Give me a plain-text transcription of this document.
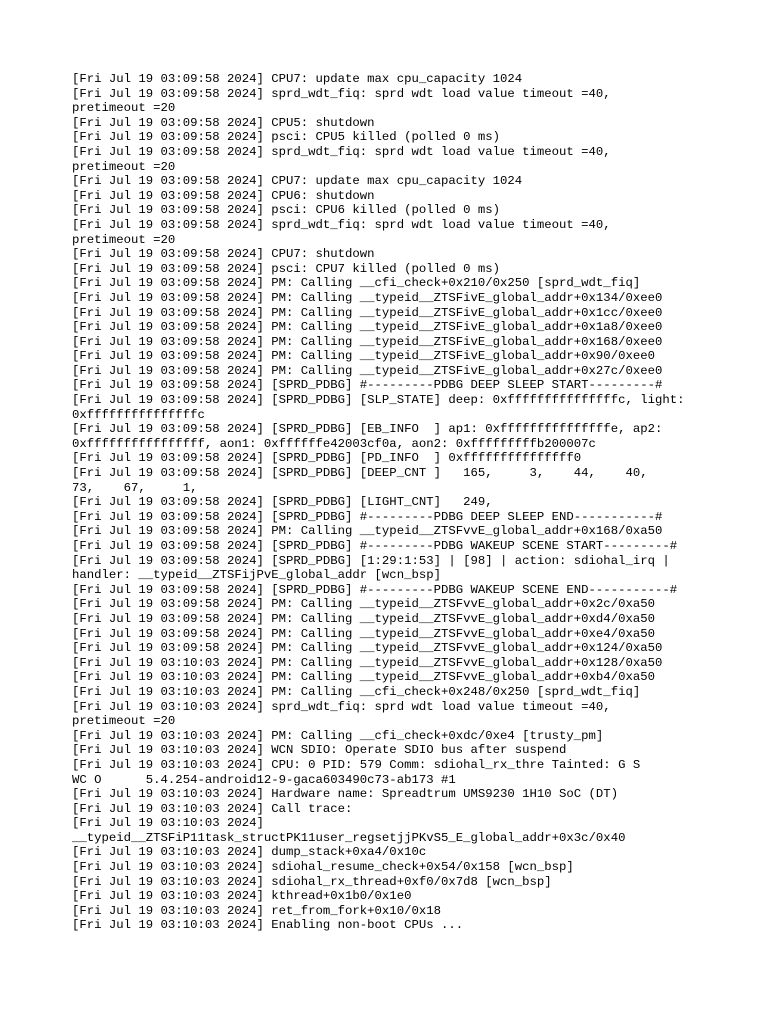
[Fri Jul 19 03:09:58 2024] CPU7: update max cpu_capacity 1024
[Fri Jul 19 03:09:58 2024] sprd_wdt_fiq: sprd wdt load value timeout =40,
pretimeout =20
[Fri Jul 19 03:09:58 2024] CPU5: shutdown
[Fri Jul 19 03:09:58 2024] psci: CPU5 killed (polled 0 ms)
[Fri Jul 19 03:09:58 2024] sprd_wdt_fiq: sprd wdt load value timeout =40,
pretimeout =20
[Fri Jul 19 03:09:58 2024] CPU7: update max cpu_capacity 1024
[Fri Jul 19 03:09:58 2024] CPU6: shutdown
[Fri Jul 19 03:09:58 2024] psci: CPU6 killed (polled 0 ms)
[Fri Jul 19 03:09:58 2024] sprd_wdt_fiq: sprd wdt load value timeout =40,
pretimeout =20
[Fri Jul 19 03:09:58 2024] CPU7: shutdown
[Fri Jul 19 03:09:58 2024] psci: CPU7 killed (polled 0 ms)
[Fri Jul 19 03:09:58 2024] PM: Calling __cfi_check+0x210/0x250 [sprd_wdt_fiq]
[Fri Jul 19 03:09:58 2024] PM: Calling __typeid__ZTSFivE_global_addr+0x134/0xee0
[Fri Jul 19 03:09:58 2024] PM: Calling __typeid__ZTSFivE_global_addr+0x1cc/0xee0
[Fri Jul 19 03:09:58 2024] PM: Calling __typeid__ZTSFivE_global_addr+0x1a8/0xee0
[Fri Jul 19 03:09:58 2024] PM: Calling __typeid__ZTSFivE_global_addr+0x168/0xee0
[Fri Jul 19 03:09:58 2024] PM: Calling __typeid__ZTSFivE_global_addr+0x90/0xee0
[Fri Jul 19 03:09:58 2024] PM: Calling __typeid__ZTSFivE_global_addr+0x27c/0xee0
[Fri Jul 19 03:09:58 2024] [SPRD_PDBG] #---------PDBG DEEP SLEEP START---------#
[Fri Jul 19 03:09:58 2024] [SPRD_PDBG] [SLP_STATE] deep: 0xfffffffffffffffc, light:
0xfffffffffffffffc
[Fri Jul 19 03:09:58 2024] [SPRD_PDBG] [EB_INFO  ] ap1: 0xfffffffffffffffe, ap2:
0xffffffffffffffff, aon1: 0xffffffe42003cf0a, aon2: 0xfffffffffb200007c
[Fri Jul 19 03:09:58 2024] [SPRD_PDBG] [PD_INFO  ] 0xfffffffffffffff0
[Fri Jul 19 03:09:58 2024] [SPRD_PDBG] [DEEP_CNT ]   165,     3,    44,    40,
73,    67,     1,
[Fri Jul 19 03:09:58 2024] [SPRD_PDBG] [LIGHT_CNT]   249,
[Fri Jul 19 03:09:58 2024] [SPRD_PDBG] #---------PDBG DEEP SLEEP END-----------#
[Fri Jul 19 03:09:58 2024] PM: Calling __typeid__ZTSFvvE_global_addr+0x168/0xa50
[Fri Jul 19 03:09:58 2024] [SPRD_PDBG] #---------PDBG WAKEUP SCENE START---------#
[Fri Jul 19 03:09:58 2024] [SPRD_PDBG] [1:29:1:53] | [98] | action: sdiohal_irq |
handler: __typeid__ZTSFijPvE_global_addr [wcn_bsp]
[Fri Jul 19 03:09:58 2024] [SPRD_PDBG] #---------PDBG WAKEUP SCENE END-----------#
[Fri Jul 19 03:09:58 2024] PM: Calling __typeid__ZTSFvvE_global_addr+0x2c/0xa50
[Fri Jul 19 03:09:58 2024] PM: Calling __typeid__ZTSFvvE_global_addr+0xd4/0xa50
[Fri Jul 19 03:09:58 2024] PM: Calling __typeid__ZTSFvvE_global_addr+0xe4/0xa50
[Fri Jul 19 03:09:58 2024] PM: Calling __typeid__ZTSFvvE_global_addr+0x124/0xa50
[Fri Jul 19 03:10:03 2024] PM: Calling __typeid__ZTSFvvE_global_addr+0x128/0xa50
[Fri Jul 19 03:10:03 2024] PM: Calling __typeid__ZTSFvvE_global_addr+0xb4/0xa50
[Fri Jul 19 03:10:03 2024] PM: Calling __cfi_check+0x248/0x250 [sprd_wdt_fiq]
[Fri Jul 19 03:10:03 2024] sprd_wdt_fiq: sprd wdt load value timeout =40,
pretimeout =20
[Fri Jul 19 03:10:03 2024] PM: Calling __cfi_check+0xdc/0xe4 [trusty_pm]
[Fri Jul 19 03:10:03 2024] WCN SDIO: Operate SDIO bus after suspend
[Fri Jul 19 03:10:03 2024] CPU: 0 PID: 579 Comm: sdiohal_rx_thre Tainted: G S
WC O      5.4.254-android12-9-gaca603490c73-ab173 #1
[Fri Jul 19 03:10:03 2024] Hardware name: Spreadtrum UMS9230 1H10 SoC (DT)
[Fri Jul 19 03:10:03 2024] Call trace:
[Fri Jul 19 03:10:03 2024]
__typeid__ZTSFiP11task_structPK11user_regsetjjPKvS5_E_global_addr+0x3c/0x40
[Fri Jul 19 03:10:03 2024] dump_stack+0xa4/0x10c
[Fri Jul 19 03:10:03 2024] sdiohal_resume_check+0x54/0x158 [wcn_bsp]
[Fri Jul 19 03:10:03 2024] sdiohal_rx_thread+0xf0/0x7d8 [wcn_bsp]
[Fri Jul 19 03:10:03 2024] kthread+0x1b0/0x1e0
[Fri Jul 19 03:10:03 2024] ret_from_fork+0x10/0x18
[Fri Jul 19 03:10:03 2024] Enabling non-boot CPUs ...
